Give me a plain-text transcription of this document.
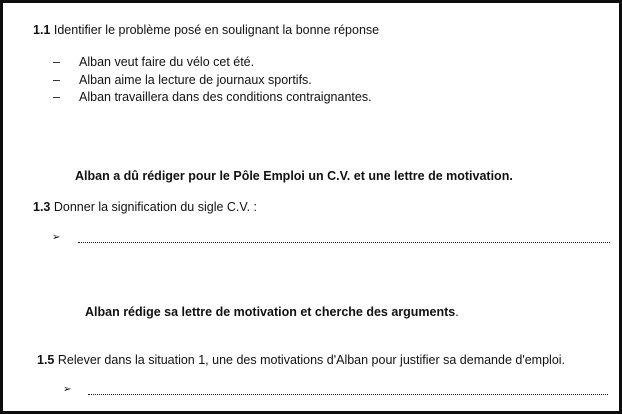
1.1 Identifier le problème posé en soulignant la bonne réponse
– Alban veut faire du vélo cet été.
– Alban aime la lecture de journaux sportifs.
– Alban travaillera dans des conditions contraignantes.
Alban a dû rédiger pour le Pôle Emploi un C.V. et une lettre de motivation.
1.3 Donner la signification du sigle C.V. :
➢
Alban rédige sa lettre de motivation et cherche des arguments.
1.5 Relever dans la situation 1, une des motivations d'Alban pour justifier sa demande d'emploi.
➢
